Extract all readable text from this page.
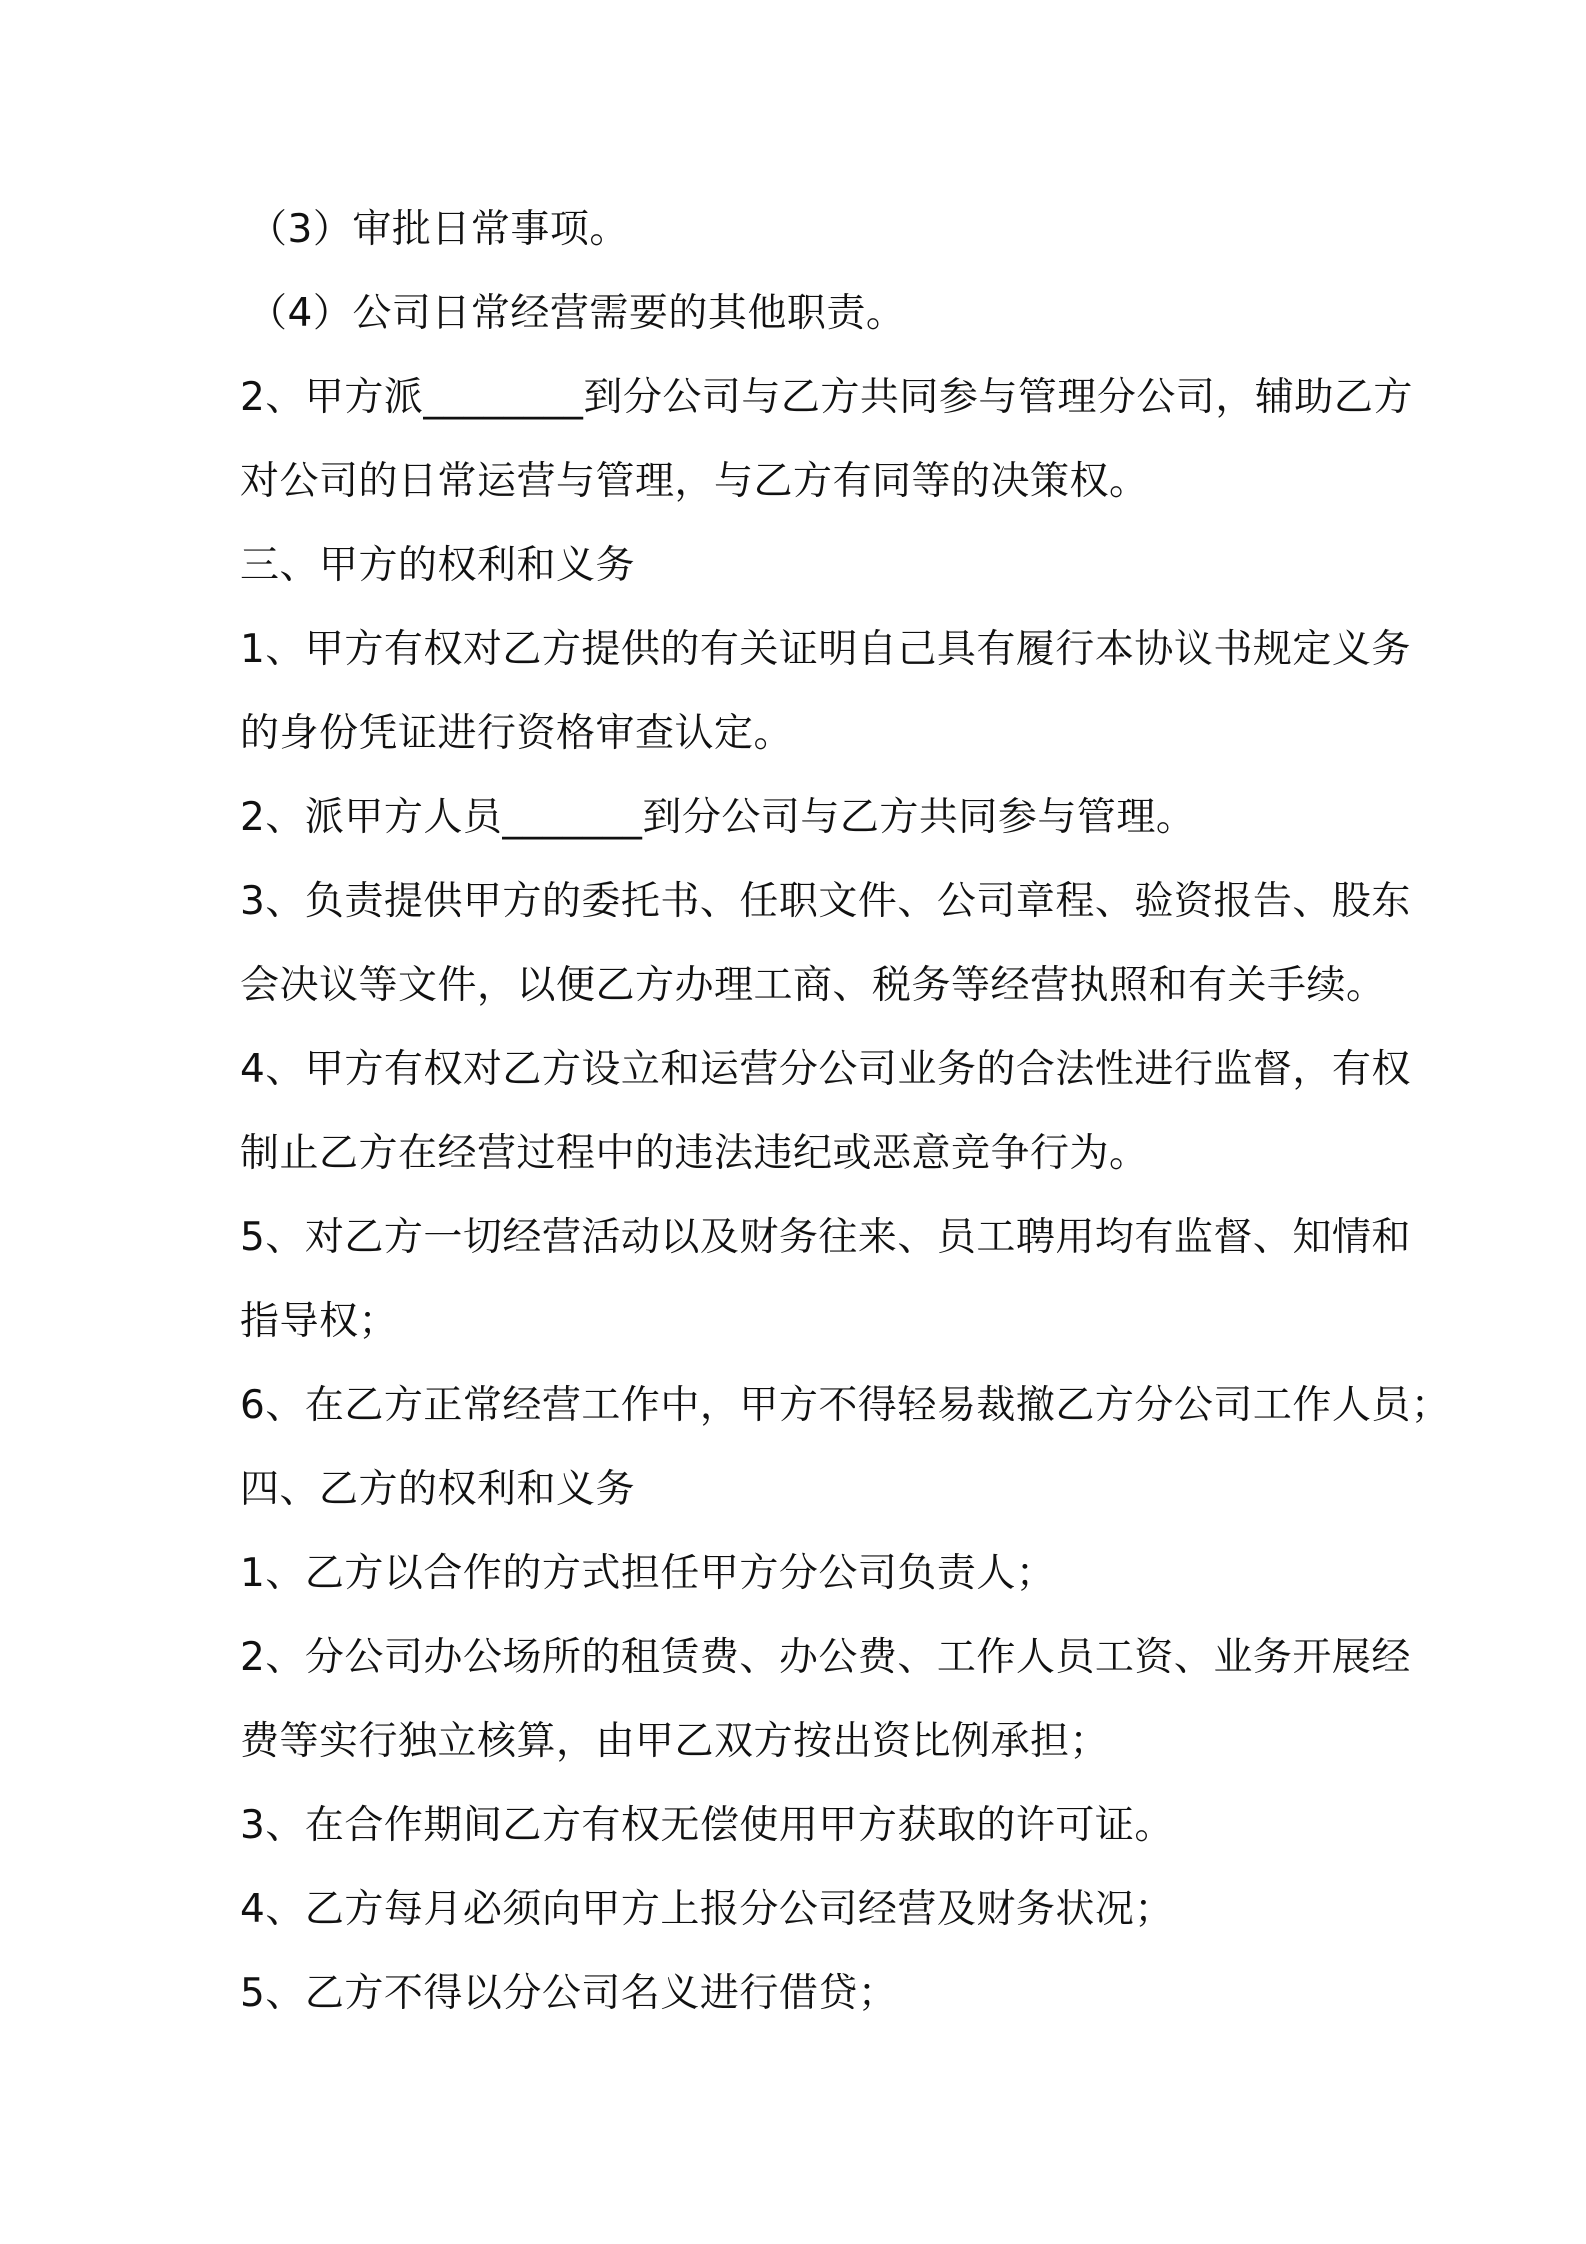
（3）审批日常事项。

（4）公司日常经营需要的其他职责。

2、甲方派________到分公司与乙方共同参与管理分公司，辅助乙方

对公司的日常运营与管理，与乙方有同等的决策权。

三、甲方的权利和义务

1、甲方有权对乙方提供的有关证明自己具有履行本协议书规定义务

的身份凭证进行资格审查认定。

2、派甲方人员_______到分公司与乙方共同参与管理。

3、负责提供甲方的委托书、任职文件、公司章程、验资报告、股东

会决议等文件，以便乙方办理工商、税务等经营执照和有关手续。

4、甲方有权对乙方设立和运营分公司业务的合法性进行监督，有权

制止乙方在经营过程中的违法违纪或恶意竞争行为。

5、对乙方一切经营活动以及财务往来、员工聘用均有监督、知情和

指导权；

6、在乙方正常经营工作中，甲方不得轻易裁撤乙方分公司工作人员；

四、乙方的权利和义务

1、乙方以合作的方式担任甲方分公司负责人；

2、分公司办公场所的租赁费、办公费、工作人员工资、业务开展经

费等实行独立核算，由甲乙双方按出资比例承担；

3、在合作期间乙方有权无偿使用甲方获取的许可证。

4、乙方每月必须向甲方上报分公司经营及财务状况；

5、乙方不得以分公司名义进行借贷；
